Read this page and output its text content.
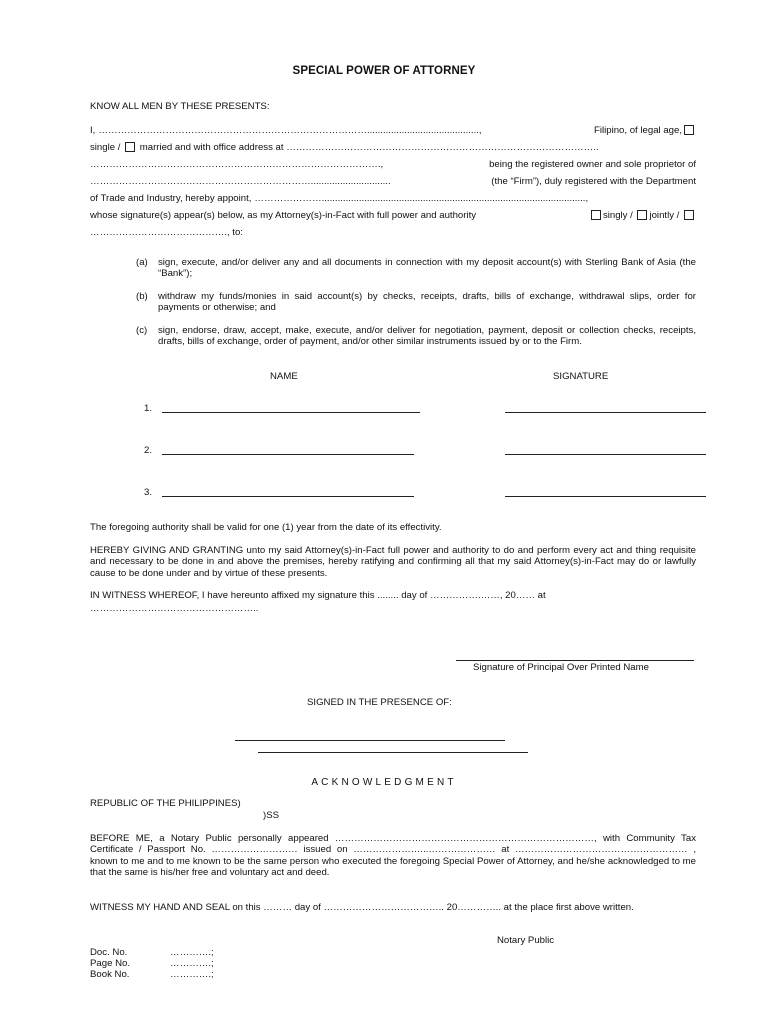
SPECIAL POWER OF ATTORNEY
KNOW ALL MEN BY THESE PRESENTS:
I, …………………………………………………………………………..........................................,	Filipino, of legal age,
single / married and with office address at ……………………………………………………………………………………..
……………………………………………………………………………….,	being the registered owner and sole proprietor of
……………………………………………………………..............................	(the “Firm”), duly registered with the Department
of Trade and Industry, hereby appoint, …………………...................................................................................................,
whose signature(s) appear(s) below, as my Attorney(s)-in-Fact with full power and authority	singly / jointly /
……………………………………., to:
(a) sign, execute, and/or deliver any and all documents in connection with my deposit account(s) with Sterling Bank of Asia (the “Bank”);
(b) withdraw my funds/monies in said account(s) by checks, receipts, drafts, bills of exchange, withdrawal slips, order for payments or otherwise; and
(c) sign, endorse, draw, accept, make, execute, and/or deliver for negotiation, payment, deposit or collection checks, receipts, drafts, bills of exchange, order of payment, and/or other similar instruments issued by or to the Firm.
NAME	SIGNATURE
1.
2.
3.
The foregoing authority shall be valid for one (1) year from the date of its effectivity.
HEREBY GIVING AND GRANTING unto my said Attorney(s)-in-Fact full power and authority to do and perform every act and thing requisite and necessary to be done in and above the premises, hereby ratifying and confirming all that my said Attorney(s)-in-Fact may do or lawfully cause to be done under and by virtue of these presents.
IN WITNESS WHEREOF, I have hereunto affixed my signature this ........ day of …………….……, 20…… at
……………………………………………..
Signature of Principal Over Printed Name
SIGNED IN THE PRESENCE OF:
ACKNOWLEDGMENT
REPUBLIC OF THE PHILIPPINES)
)SS
BEFORE ME, a Notary Public personally appeared ………………………………………………………………………, with Community Tax Certificate / Passport No. ……………………… issued on …………………...………………… at ……………………………………………… , known to me and to me known to be the same person who executed the foregoing Special Power of Attorney, and he/she acknowledged to me that the same is his/her free and voluntary act and deed.
WITNESS MY HAND AND SEAL on this ……… day of ……………………………….. 20………….. at the place first above written.
Notary Public
Doc. No.	………….;
Page No.	………….;
Book No.	………….;
